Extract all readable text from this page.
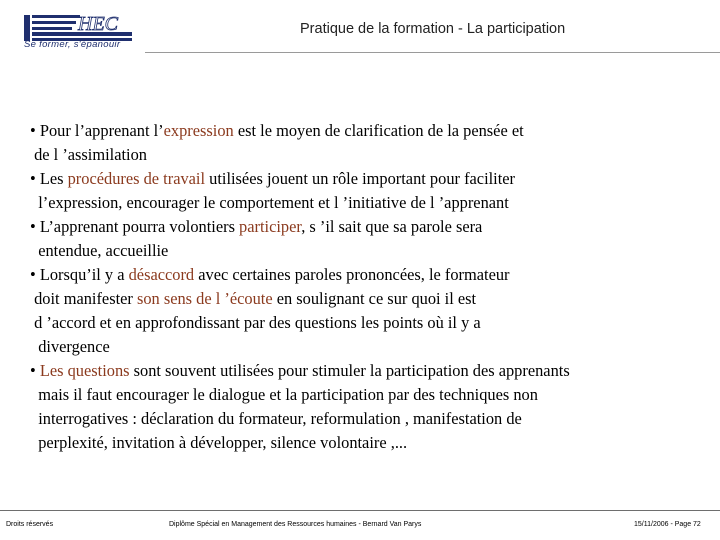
HEC
Se former, s'épanouir
Pratique de la formation - La participation
• Pour l’apprenant l’expression est le moyen de clarification de la pensée et
de l ’assimilation
• Les procédures de travail utilisées jouent un rôle important pour faciliter
l’expression, encourager le comportement et l ’initiative de l ’apprenant
• L’apprenant pourra volontiers participer, s ’il sait que sa parole sera
entendue, accueillie
• Lorsqu’il y a désaccord avec certaines paroles prononcées, le formateur
doit manifester son sens de l ’écoute en soulignant ce sur quoi il est
d ’accord et en approfondissant par des questions les points où il y a
divergence
• Les questions sont souvent utilisées pour stimuler la participation des apprenants
mais il faut encourager le dialogue et la participation par des techniques non
interrogatives : déclaration du formateur, reformulation , manifestation de
perplexité, invitation à développer, silence volontaire ,...
Droits réservés	Diplôme Spécial en Management des Ressources humaines - Bernard Van Parys	15/11/2006 - Page 72
